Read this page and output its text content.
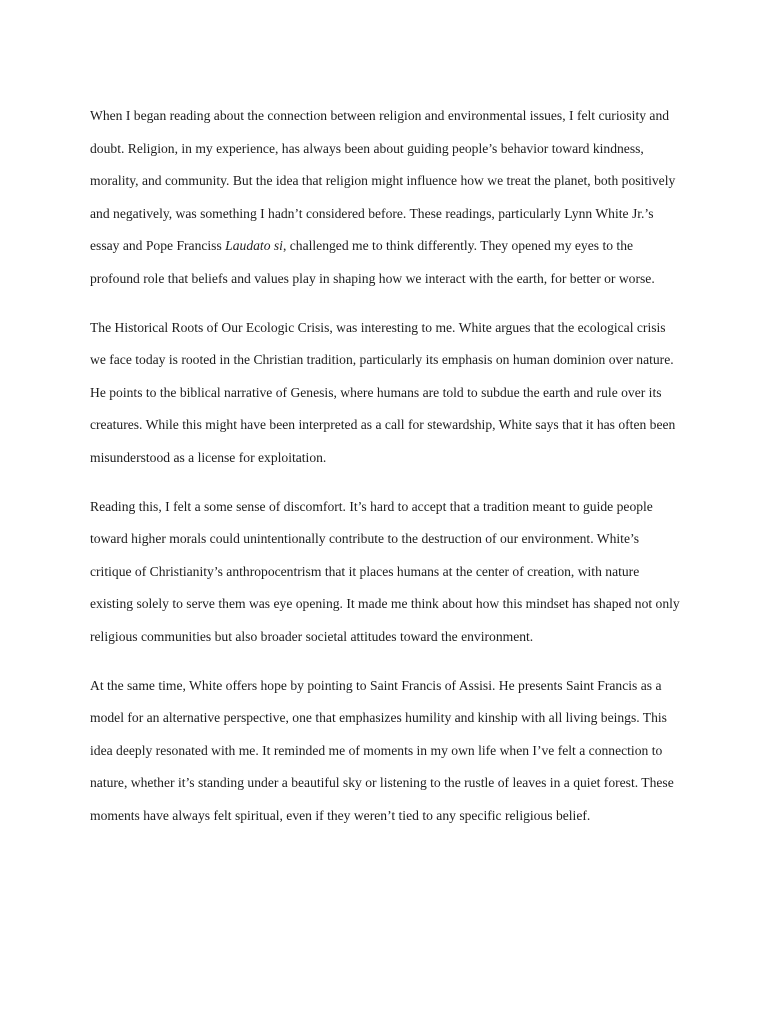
When I began reading about the connection between religion and environmental issues, I felt curiosity and doubt. Religion, in my experience, has always been about guiding people’s behavior toward kindness, morality, and community. But the idea that religion might influence how we treat the planet, both positively and negatively, was something I hadn’t considered before. These readings, particularly Lynn White Jr.’s essay and Pope Franciss Laudato si, challenged me to think differently. They opened my eyes to the profound role that beliefs and values play in shaping how we interact with the earth, for better or worse.

The Historical Roots of Our Ecologic Crisis, was interesting to me. White argues that the ecological crisis we face today is rooted in the Christian tradition, particularly its emphasis on human dominion over nature. He points to the biblical narrative of Genesis, where humans are told to subdue the earth and rule over its creatures. While this might have been interpreted as a call for stewardship, White says that it has often been misunderstood as a license for exploitation.

Reading this, I felt a some sense of discomfort. It’s hard to accept that a tradition meant to guide people toward higher morals could unintentionally contribute to the destruction of our environment. White’s critique of Christianity’s anthropocentrism that it places humans at the center of creation, with nature existing solely to serve them was eye opening. It made me think about how this mindset has shaped not only religious communities but also broader societal attitudes toward the environment.

At the same time, White offers hope by pointing to Saint Francis of Assisi. He presents Saint Francis as a model for an alternative perspective, one that emphasizes humility and kinship with all living beings. This idea deeply resonated with me. It reminded me of moments in my own life when I’ve felt a connection to nature, whether it’s standing under a beautiful sky or listening to the rustle of leaves in a quiet forest. These moments have always felt spiritual, even if they weren’t tied to any specific religious belief.
